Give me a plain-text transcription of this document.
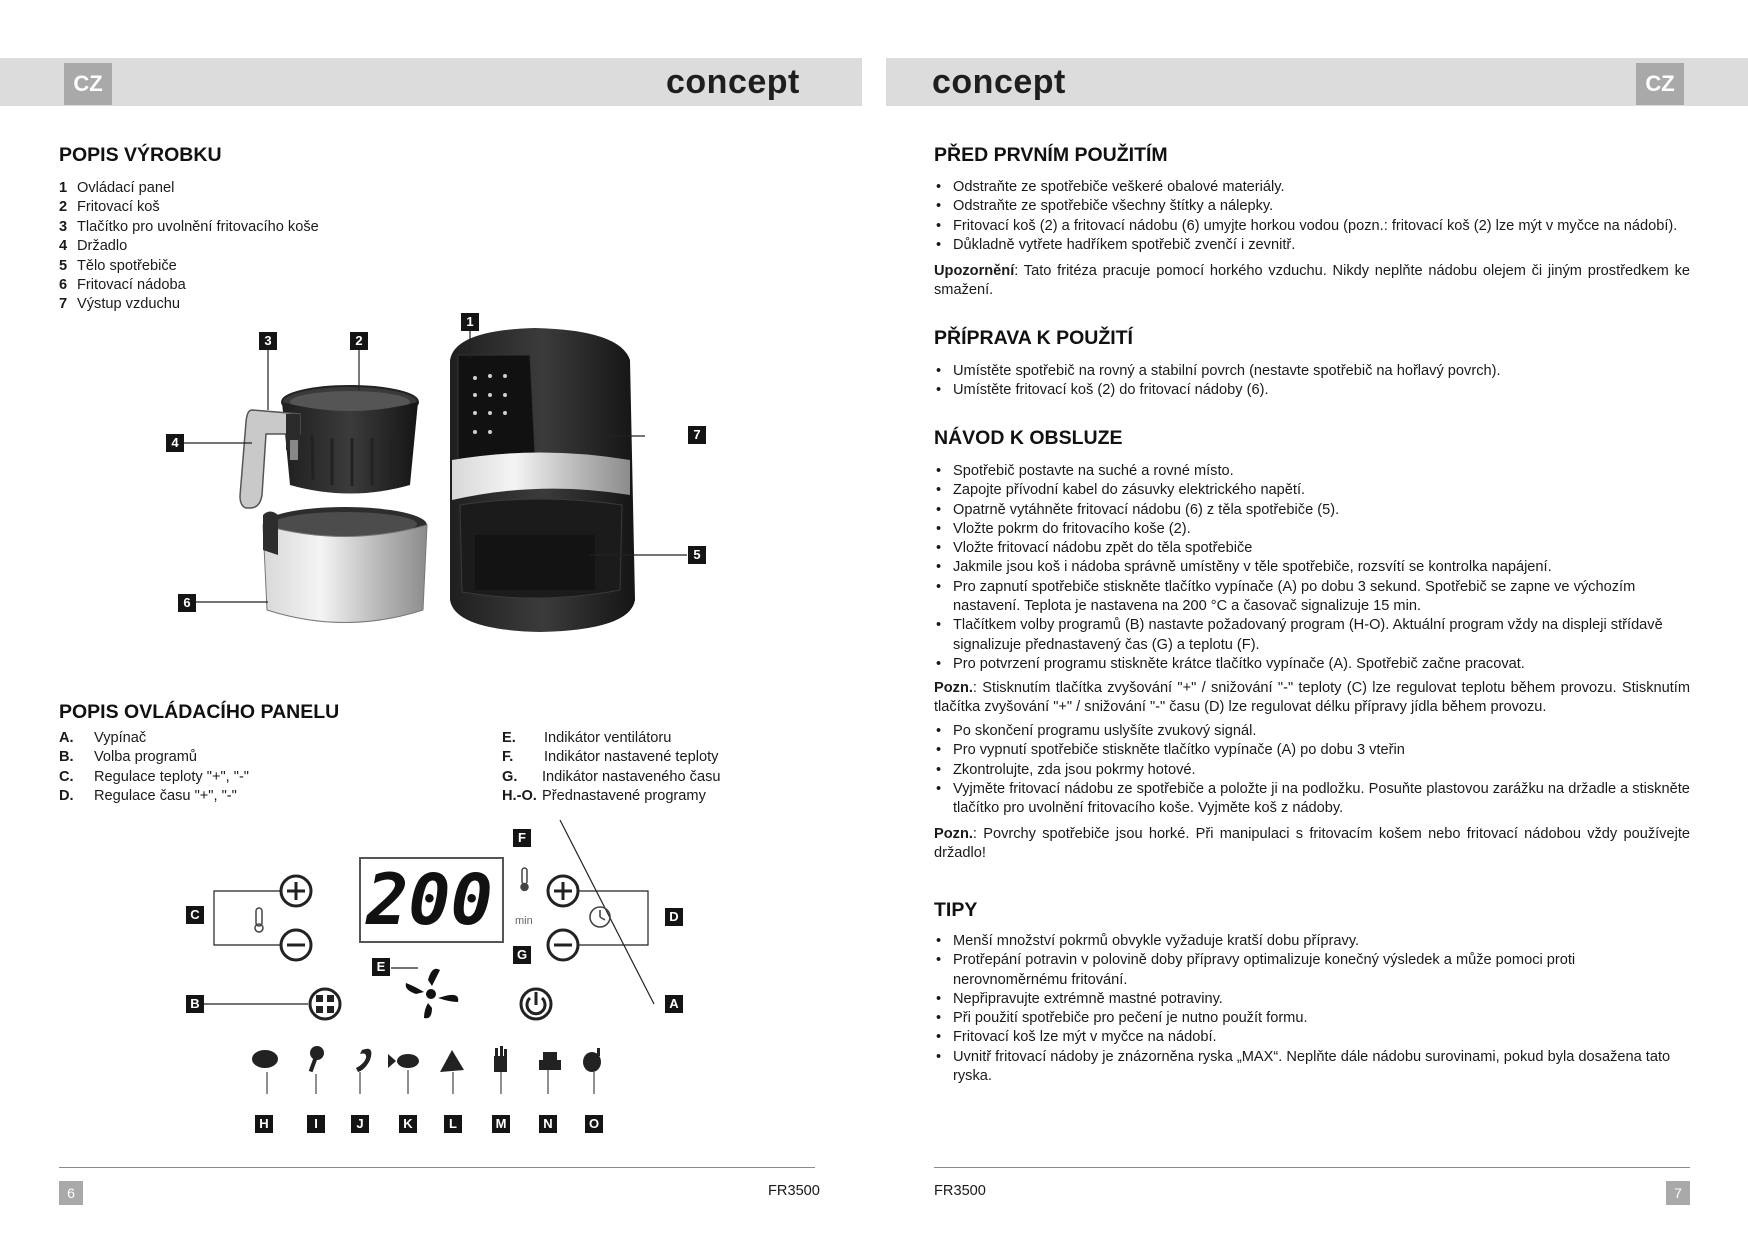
CZ	CZ
concept	concept
POPIS VÝROBKU
1 Ovládací panel
2 Fritovací koš
3 Tlačítko pro uvolnění fritovacího koše
4 Držadlo
5 Tělo spotřebiče
6 Fritovací nádoba
7 Výstup vzduchu
1
2
3
4
7
5
6
POPIS OVLÁDACÍHO PANELU
A. Vypínač
B. Volba programů
C. Regulace teploty "+", "-"
D. Regulace času "+", "-"
E. Indikátor ventilátoru
F. Indikátor nastavené teploty
G. Indikátor nastaveného času
H.-O. Přednastavené programy
200	min
F
C	D
G
E
B	A
H	I	J	K	L	M	N	O
6	FR3500
PŘED PRVNÍM POUŽITÍM
• Odstraňte ze spotřebiče veškeré obalové materiály.
• Odstraňte ze spotřebiče všechny štítky a nálepky.
• Fritovací koš (2) a fritovací nádobu (6) umyjte horkou vodou (pozn.: fritovací koš (2) lze mýt v myčce na nádobí).
• Důkladně vytřete hadříkem spotřebič zvenčí i zevnitř.

Upozornění: Tato fritéza pracuje pomocí horkého vzduchu. Nikdy neplňte nádobu olejem či jiným prostředkem ke smažení.

PŘÍPRAVA K POUŽITÍ
• Umístěte spotřebič na rovný a stabilní povrch (nestavte spotřebič na hořlavý povrch).
• Umístěte fritovací koš (2) do fritovací nádoby (6).
NÁVOD K OBSLUZE
• Spotřebič postavte na suché a rovné místo.
• Zapojte přívodní kabel do zásuvky elektrického napětí.
• Opatrně vytáhněte fritovací nádobu (6) z těla spotřebiče (5).
• Vložte pokrm do fritovacího koše (2).
• Vložte fritovací nádobu zpět do těla spotřebiče
• Jakmile jsou koš i nádoba správně umístěny v těle spotřebiče, rozsvítí se kontrolka napájení.
• Pro zapnutí spotřebiče stiskněte tlačítko vypínače (A) po dobu 3 sekund. Spotřebič se zapne ve výchozím nastavení. Teplota je nastavena na 200 °C a časovač signalizuje 15 min.
• Tlačítkem volby programů (B) nastavte požadovaný program (H-O). Aktuální program vždy na displeji střídavě signalizuje přednastavený čas (G) a teplotu (F).
• Pro potvrzení programu stiskněte krátce tlačítko vypínače (A). Spotřebič začne pracovat.

Pozn.: Stisknutím tlačítka zvyšování "+" / snižování "-" teploty (C) lze regulovat teplotu během provozu. Stisknutím tlačítka zvyšování "+" / snižování "-" času (D) lze regulovat délku přípravy jídla během provozu.

• Po skončení programu uslyšíte zvukový signál.
• Pro vypnutí spotřebiče stiskněte tlačítko vypínače (A) po dobu 3 vteřin
• Zkontrolujte, zda jsou pokrmy hotové.
• Vyjměte fritovací nádobu ze spotřebiče a položte ji na podložku. Posuňte plastovou zarážku na držadle a stiskněte tlačítko pro uvolnění fritovacího koše. Vyjměte koš z nádoby.

Pozn.: Povrchy spotřebiče jsou horké. Při manipulaci s fritovacím košem nebo fritovací nádobou vždy používejte držadlo!

TIPY
• Menší množství pokrmů obvykle vyžaduje kratší dobu přípravy.
• Protřepání potravin v polovině doby přípravy optimalizuje konečný výsledek a může pomoci proti nerovnoměrnému fritování.
• Nepřipravujte extrémně mastné potraviny.
• Při použití spotřebiče pro pečení je nutno použít formu.
• Fritovací koš lze mýt v myčce na nádobí.
• Uvnitř fritovací nádoby je znázorněna ryska „MAX“. Neplňte dále nádobu surovinami, pokud byla dosažena tato ryska.
FR3500	7
